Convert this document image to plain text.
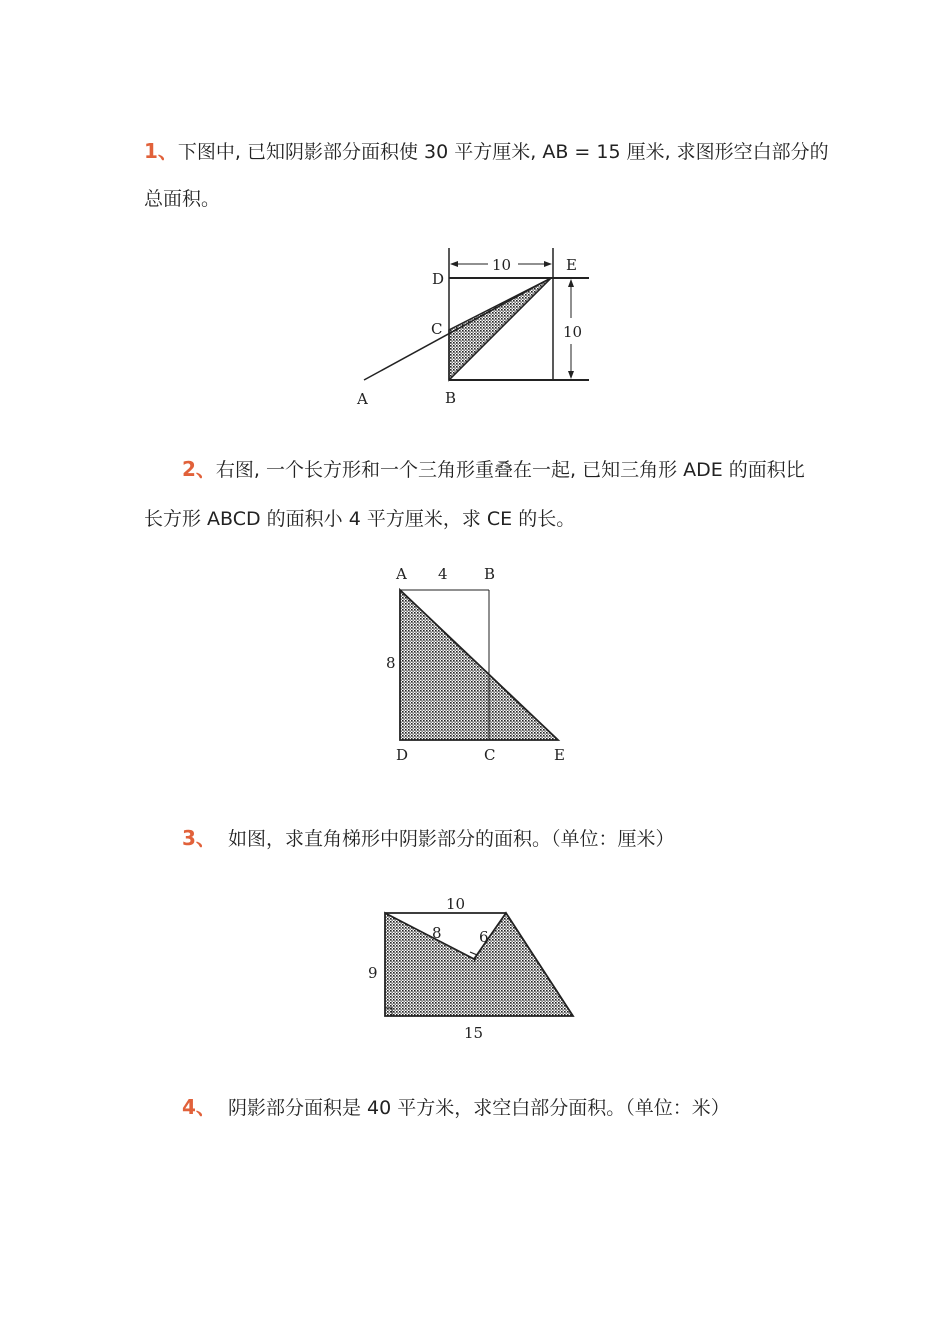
1、下图中, 已知阴影部分面积使 30 平方厘米, AB = 15 厘米, 求图形空白部分的
总面积。
10
10
D
E
C
A	B
2、右图, 一个长方形和一个三角形重叠在一起, 已知三角形 ADE 的面积比
长方形 ABCD 的面积小 4 平方厘米，求 CE 的长。
A 4 B
8
D	C	E
3、 如图，求直角梯形中阴影部分的面积。（单位：厘米）
10
8 6
9
15
4、 阴影部分面积是 40 平方米，求空白部分面积。（单位：米）
